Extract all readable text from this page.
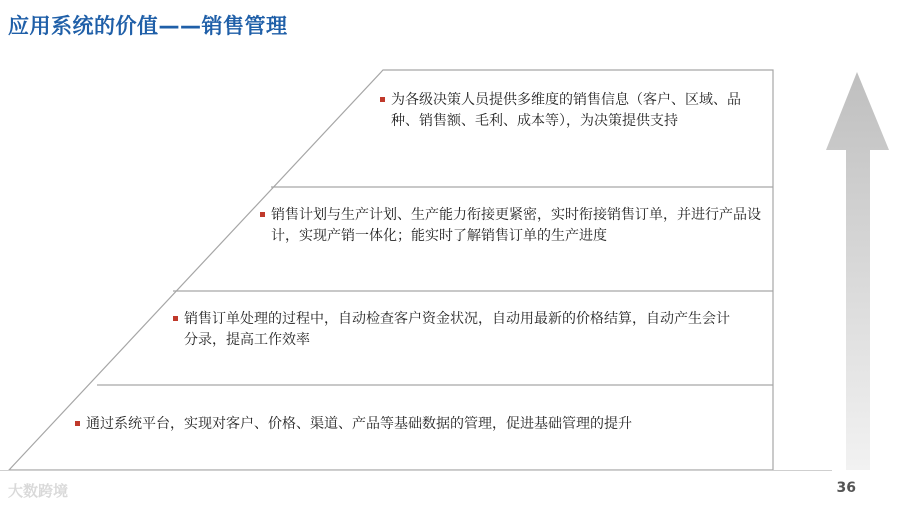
应用系统的价值——销售管理
为各级决策人员提供多维度的销售信息（客户、区域、品种、销售额、毛利、成本等），为决策提供支持
销售计划与生产计划、生产能力衔接更紧密，实时衔接销售订单，并进行产品设计，实现产销一体化；能实时了解销售订单的生产进度
销售订单处理的过程中，自动检查客户资金状况，自动用最新的价格结算，自动产生会计分录，提高工作效率
通过系统平台，实现对客户、价格、渠道、产品等基础数据的管理，促进基础管理的提升
大数跨境	36
